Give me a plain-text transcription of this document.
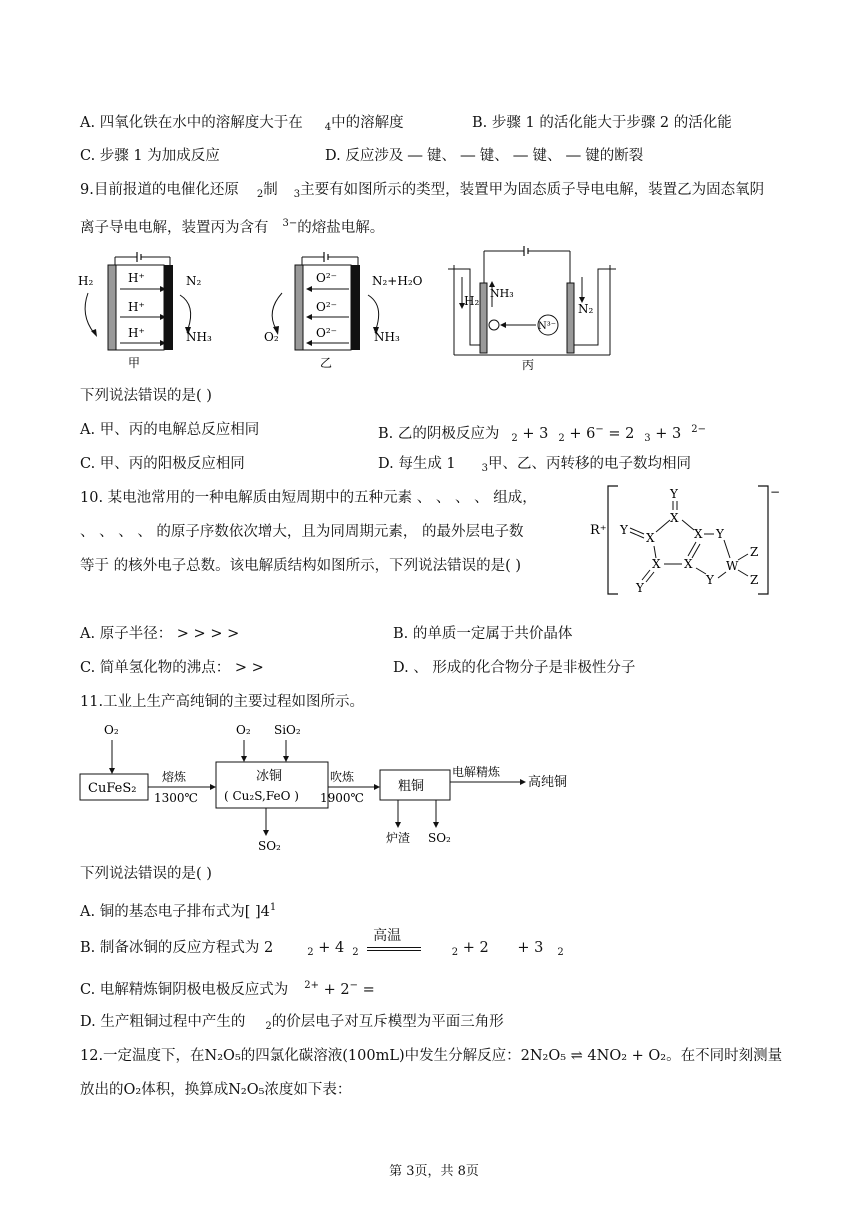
A. 四氧化铁在水中的溶解度大于在 $_4$中的溶解度	B. 步骤 1 的活化能大于步骤 2 的活化能
C. 步骤 1 为加成反应	D. 反应涉及 ― 键、 ― 键、 ― 键、 ― 键的断裂
9.目前报道的电催化还原 $_2$制 $_3$主要有如图所示的类型，装置甲为固态质子导电电解，装置乙为固态氧阴
离子导电电解，装置丙为含有 $^{3-}$的熔盐电解。
H⁺
H⁺
H⁺
H₂	N₂
NH₃
甲
O²⁻
O²⁻
O²⁻
O₂
N₂+H₂O
NH₃
乙
H₂
NH₃
N³⁻
N₂
丙
下列说法错误的是( )
A. 甲、丙的电解总反应相同	B. 乙的阴极反应为 $_2$ + 3 $_2$ + 6− = 2 $_3$ + 3 $^{2-}$
C. 甲、丙的阳极反应相同	D. 每生成 1	$_3$甲、乙、丙转移的电子数均相同
10. 某电池常用的一种电解质由短周期中的五种元素 、 、 、 、 组成，
、 、 、 、 的原子序数依次增大，且为同周期元素， 的最外层电子数
等于 的核外电子总数。该电解质结构如图所示，下列说法错误的是( )
−
R⁺
Y
X
Y
X	X Y
X X
Y
Y
W
Z
Z
A. 原子半径： > > > >	B. 的单质一定属于共价晶体
C. 简单氢化物的沸点： > >	D. 、 形成的化合物分子是非极性分子
11.工业上生产高纯铜的主要过程如图所示。
O₂
CuFeS₂
熔炼
1300℃
O₂ SiO₂
冰铜
( Cu₂S,FeO )
SO₂
吹炼
1900℃
粗铜
电解精炼
高纯铜
炉渣 SO₂
下列说法错误的是( )
A. 铜的基态电子排布式为[ ]$4^1$
B. 制备冰铜的反应方程式为 2	$_2$ + 4 $_2$
高温
$_2$ + 2 + 3 $_2$
C. 电解精炼铜阴极电极反应式为 $^{2+}$ + 2− =
D. 生产粗铜过程中产生的 $_2$的价层电子对互斥模型为平面三角形
12.一定温度下，在N₂O₅的四氯化碳溶液(100mL)中发生分解反应：2N₂O₅ ⇌ 4NO₂ + O₂。在不同时刻测量
放出的O₂体积，换算成N₂O₅浓度如下表：
第 3页，共 8页
